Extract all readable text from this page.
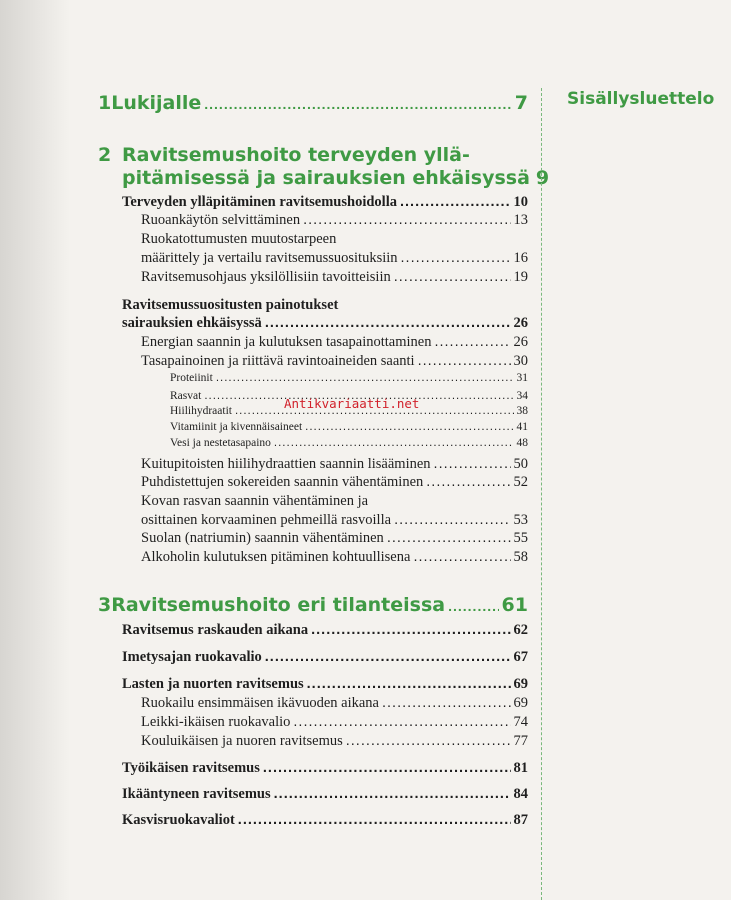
1 Lukijalle .....	7
2 Ravitsemushoito terveyden yllä-
pitämisessä ja sairauksien ehkäisyssä 9
Terveyden ylläpitäminen ravitsemushoidolla .....	10
Ruoankäytön selvittäminen .....	13
Ruokatottumusten muutostarpeen
määrittely ja vertailu ravitsemussuosituksiin .....	16
Ravitsemusohjaus yksilöllisiin tavoitteisiin .....	19
Ravitsemussuositusten painotukset
sairauksien ehkäisyssä .....	26
Energian saannin ja kulutuksen tasapainottaminen .....	26
Tasapainoinen ja riittävä ravintoaineiden saanti .....	30
Proteiinit .....	31
Rasvat .....	34
Hiilihydraatit .....	38
Vitamiinit ja kivennäisaineet .....	41
Vesi ja nestetasapaino .....	48
Kuitupitoisten hiilihydraattien saannin lisääminen .....	50
Puhdistettujen sokereiden saannin vähentäminen .....	52
Kovan rasvan saannin vähentäminen ja
osittainen korvaaminen pehmeillä rasvoilla .....	53
Suolan (natriumin) saannin vähentäminen .....	55
Alkoholin kulutuksen pitäminen kohtuullisena .....	58
3 Ravitsemushoito eri tilanteissa .....	61
Ravitsemus raskauden aikana .....	62
Imetysajan ruokavalio .....	67
Lasten ja nuorten ravitsemus .....	69
Ruokailu ensimmäisen ikävuoden aikana .....	69
Leikki-ikäisen ruokavalio .....	74
Kouluikäisen ja nuoren ravitsemus .....	77
Työikäisen ravitsemus .....	81
Ikääntyneen ravitsemus .....	84
Kasvisruokavaliot .....	87
Sisällysluettelo
Antikvariaatti.net
